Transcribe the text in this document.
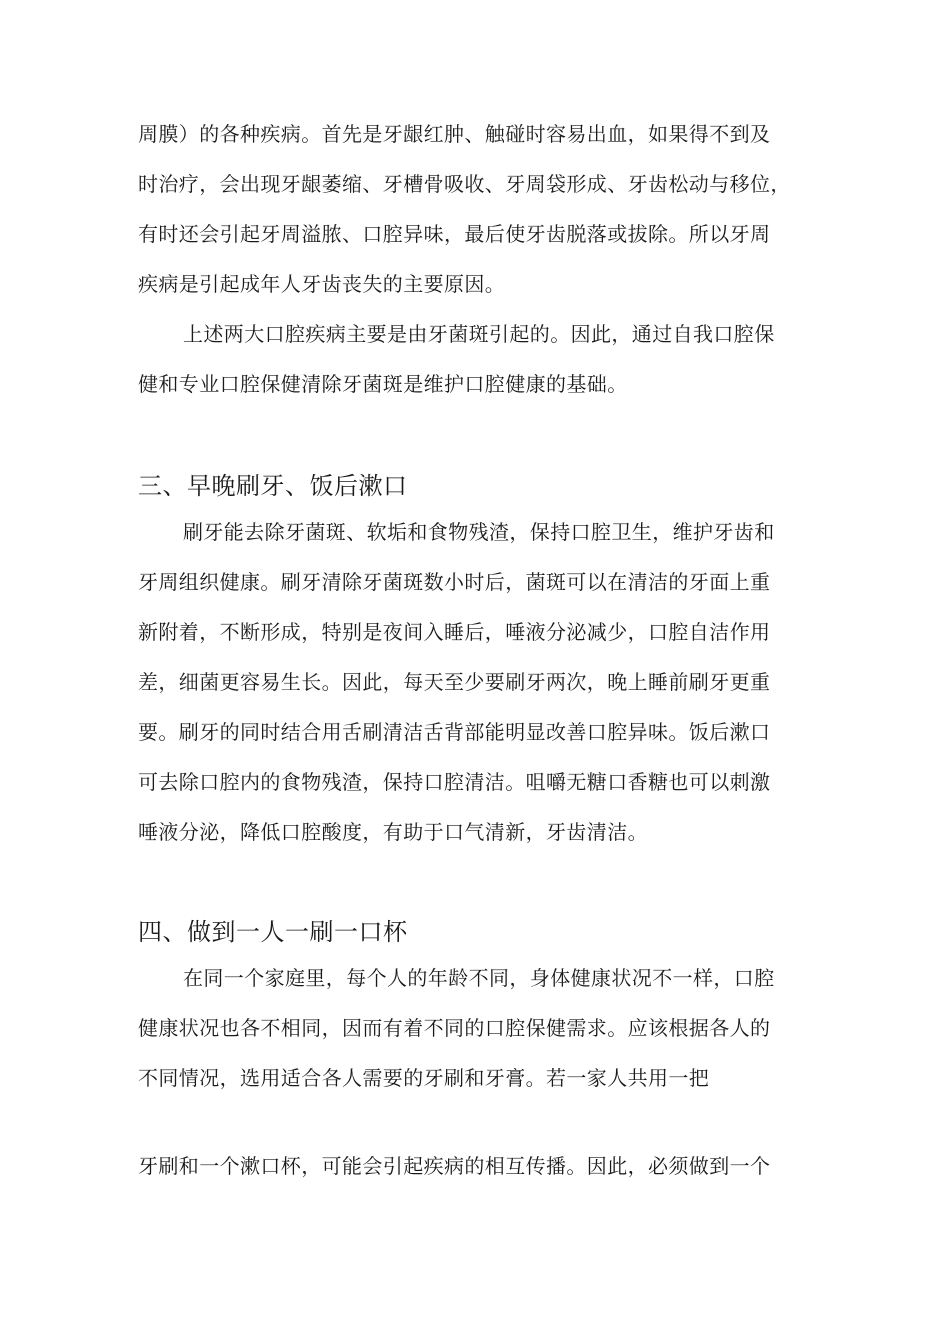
周膜）的各种疾病。首先是牙龈红肿、触碰时容易出血，如果得不到及
时治疗，会出现牙龈萎缩、牙槽骨吸收、牙周袋形成、牙齿松动与移位，
有时还会引起牙周溢脓、口腔异味，最后使牙齿脱落或拔除。所以牙周
疾病是引起成年人牙齿丧失的主要原因。
上述两大口腔疾病主要是由牙菌斑引起的。因此，通过自我口腔保
健和专业口腔保健清除牙菌斑是维护口腔健康的基础。
三、早晚刷牙、饭后漱口
刷牙能去除牙菌斑、软垢和食物残渣，保持口腔卫生，维护牙齿和
牙周组织健康。刷牙清除牙菌斑数小时后，菌斑可以在清洁的牙面上重
新附着，不断形成，特别是夜间入睡后，唾液分泌减少，口腔自洁作用
差，细菌更容易生长。因此，每天至少要刷牙两次，晚上睡前刷牙更重
要。刷牙的同时结合用舌刷清洁舌背部能明显改善口腔异味。饭后漱口
可去除口腔内的食物残渣，保持口腔清洁。咀嚼无糖口香糖也可以刺激
唾液分泌，降低口腔酸度，有助于口气清新，牙齿清洁。
四、做到一人一刷一口杯
在同一个家庭里，每个人的年龄不同，身体健康状况不一样，口腔
健康状况也各不相同，因而有着不同的口腔保健需求。应该根据各人的
不同情况，选用适合各人需要的牙刷和牙膏。若一家人共用一把
牙刷和一个漱口杯，可能会引起疾病的相互传播。因此，必须做到一个
